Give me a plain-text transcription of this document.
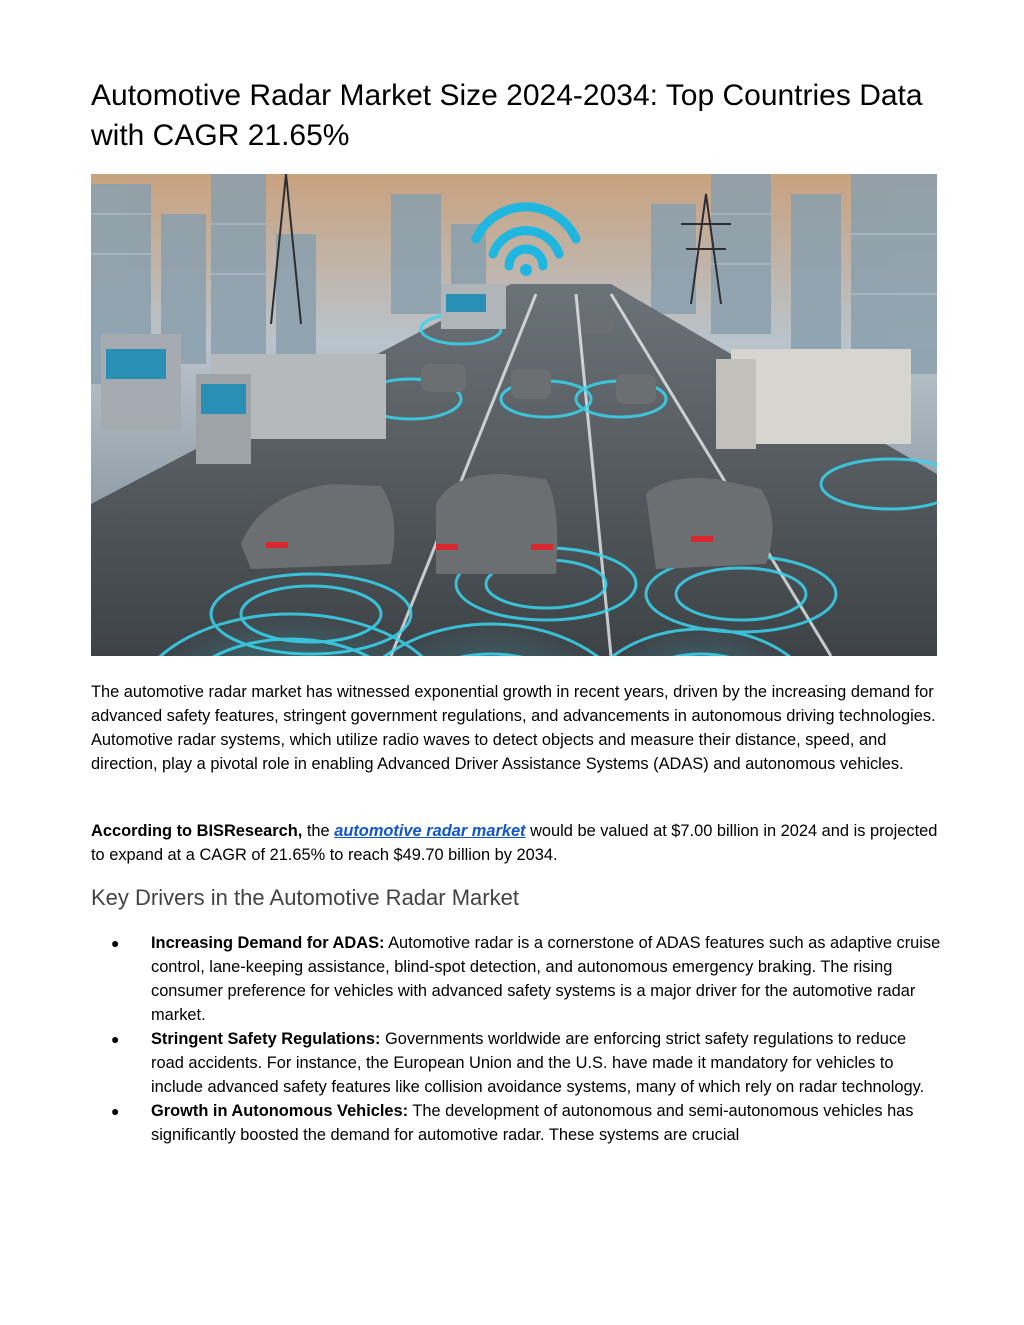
Automotive Radar Market Size 2024-2034: Top Countries Data with CAGR 21.65%

The automotive radar market has witnessed exponential growth in recent years, driven by the increasing demand for advanced safety features, stringent government regulations, and advancements in autonomous driving technologies. Automotive radar systems, which utilize radio waves to detect objects and measure their distance, speed, and direction, play a pivotal role in enabling Advanced Driver Assistance Systems (ADAS) and autonomous vehicles.

According to BISResearch, the automotive radar market would be valued at $7.00 billion in 2024 and is projected to expand at a CAGR of 21.65% to reach $49.70 billion by 2034.

Key Drivers in the Automotive Radar Market
● Increasing Demand for ADAS: Automotive radar is a cornerstone of ADAS features such as adaptive cruise control, lane-keeping assistance, blind-spot detection, and autonomous emergency braking. The rising consumer preference for vehicles with advanced safety systems is a major driver for the automotive radar market.
● Stringent Safety Regulations: Governments worldwide are enforcing strict safety regulations to reduce road accidents. For instance, the European Union and the U.S. have made it mandatory for vehicles to include advanced safety features like collision avoidance systems, many of which rely on radar technology.
● Growth in Autonomous Vehicles: The development of autonomous and semi-autonomous vehicles has significantly boosted the demand for automotive radar. These systems are crucial
